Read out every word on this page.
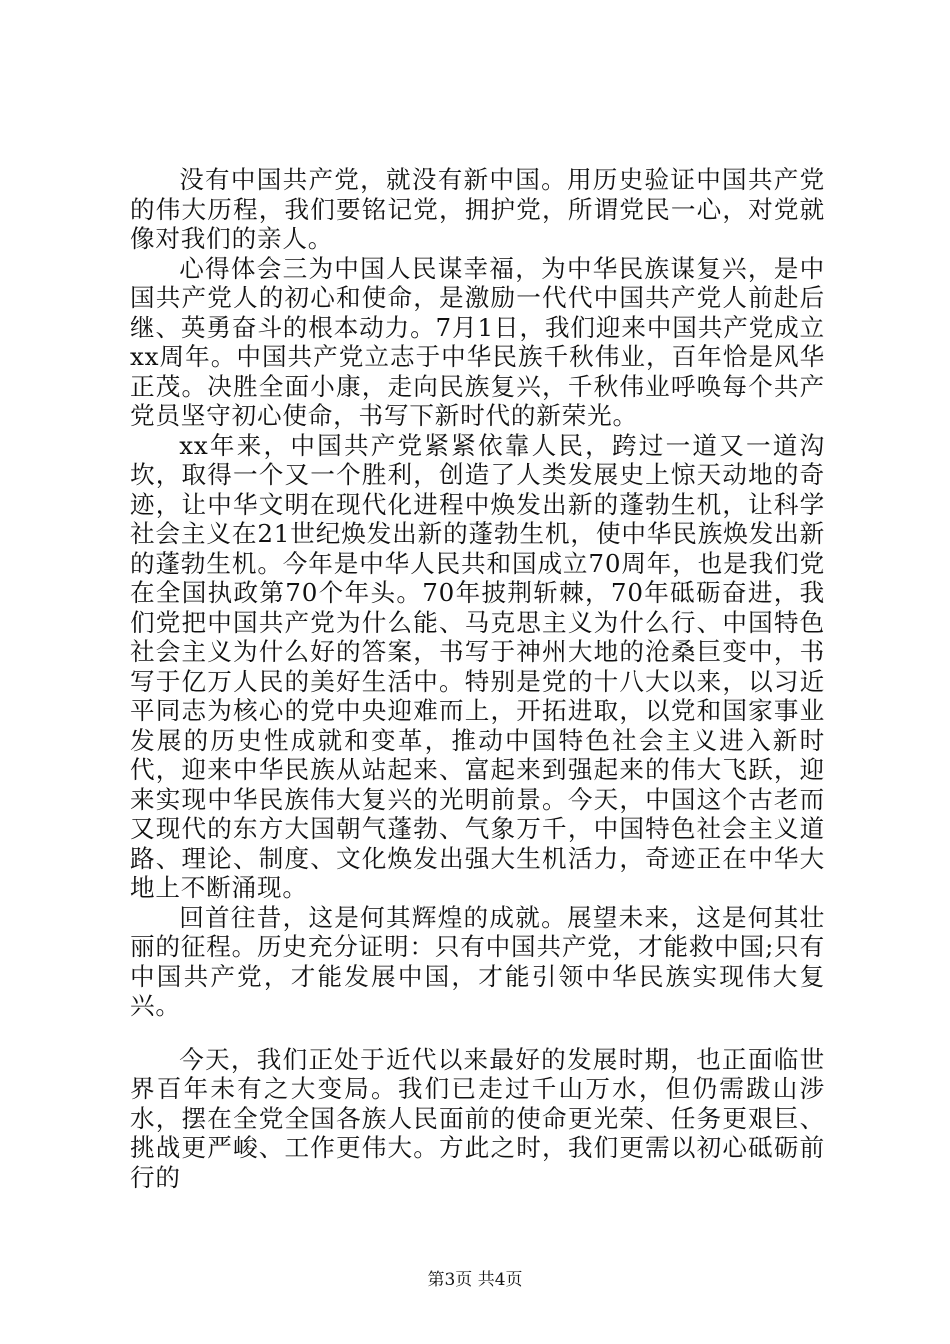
没有中国共产党，就没有新中国。用历史验证中国共产党的伟大历程，我们要铭记党，拥护党，所谓党民一心，对党就像对我们的亲人。

心得体会三为中国人民谋幸福，为中华民族谋复兴，是中国共产党人的初心和使命，是激励一代代中国共产党人前赴后继、英勇奋斗的根本动力。7月1日，我们迎来中国共产党成立xx周年。中国共产党立志于中华民族千秋伟业，百年恰是风华正茂。决胜全面小康，走向民族复兴，千秋伟业呼唤每个共产党员坚守初心使命，书写下新时代的新荣光。

xx年来，中国共产党紧紧依靠人民，跨过一道又一道沟坎，取得一个又一个胜利，创造了人类发展史上惊天动地的奇迹，让中华文明在现代化进程中焕发出新的蓬勃生机，让科学社会主义在21世纪焕发出新的蓬勃生机，使中华民族焕发出新的蓬勃生机。今年是中华人民共和国成立70周年，也是我们党在全国执政第70个年头。70年披荆斩棘，70年砥砺奋进，我们党把中国共产党为什么能、马克思主义为什么行、中国特色社会主义为什么好的答案，书写于神州大地的沧桑巨变中，书写于亿万人民的美好生活中。特别是党的十八大以来，以习近平同志为核心的党中央迎难而上，开拓进取，以党和国家事业发展的历史性成就和变革，推动中国特色社会主义进入新时代，迎来中华民族从站起来、富起来到强起来的伟大飞跃，迎来实现中华民族伟大复兴的光明前景。今天，中国这个古老而又现代的东方大国朝气蓬勃、气象万千，中国特色社会主义道路、理论、制度、文化焕发出强大生机活力，奇迹正在中华大地上不断涌现。

回首往昔，这是何其辉煌的成就。展望未来，这是何其壮丽的征程。历史充分证明：只有中国共产党，才能救中国;只有中国共产党，才能发展中国，才能引领中华民族实现伟大复兴。

今天，我们正处于近代以来最好的发展时期，也正面临世界百年未有之大变局。我们已走过千山万水，但仍需跋山涉水，摆在全党全国各族人民面前的使命更光荣、任务更艰巨、挑战更严峻、工作更伟大。方此之时，我们更需以初心砥砺前行的

第3页 共4页
